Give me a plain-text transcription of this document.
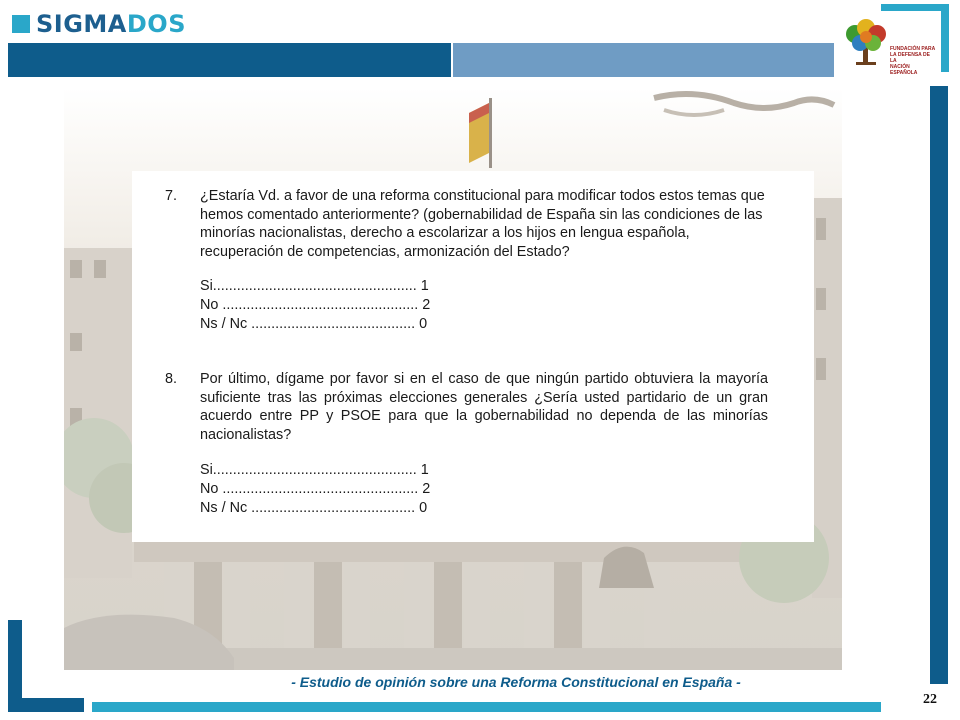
SIGMADOS
FUNDACIÓN PARA
LA DEFENSA DE LA
NACIÓN ESPAÑOLA
7.	¿Estaría Vd. a favor de una reforma constitucional para modificar todos estos temas que hemos comentado anteriormente? (gobernabilidad de España sin las condiciones de las minorías nacionalistas, derecho a escolarizar a los hijos en lengua española, recuperación de competencias, armonización del Estado?
Si................................................... 1
No ................................................. 2
Ns / Nc ......................................... 0
8.	Por último, dígame por favor si en el caso de que ningún partido obtuviera la mayoría suficiente tras las próximas elecciones generales ¿Sería usted partidario de un gran acuerdo entre PP y PSOE para que la gobernabilidad no dependa de las minorías nacionalistas?
Si................................................... 1
No ................................................. 2
Ns / Nc ......................................... 0
- Estudio de opinión sobre una Reforma Constitucional en España -
22
